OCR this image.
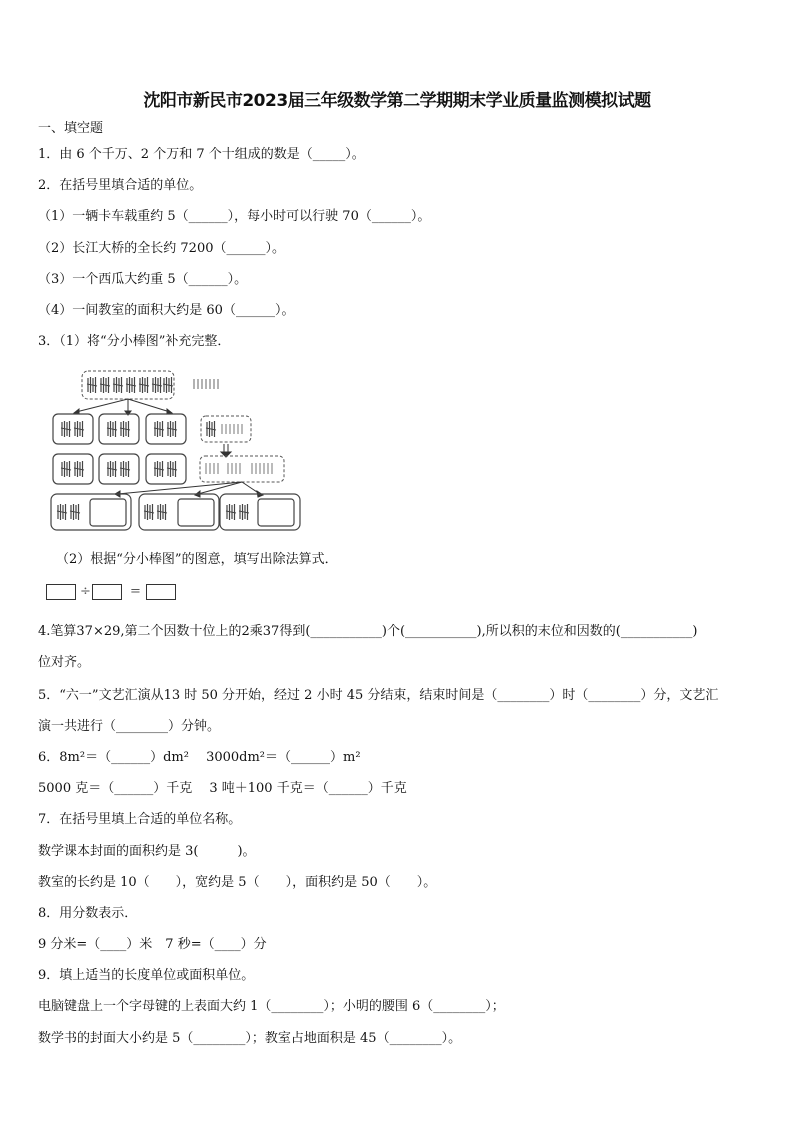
沈阳市新民市2023届三年级数学第二学期期末学业质量监测模拟试题
一、填空题
1．由 6 个千万、2 个万和 7 个十组成的数是（_____）。
2．在括号里填合适的单位。
（1）一辆卡车载重约 5（______），每小时可以行驶 70（______）。
（2）长江大桥的全长约 7200（______）。
（3）一个西瓜大约重 5（______）。
（4）一间教室的面积大约是 60（______）。
3．（1）将“分小棒图”补充完整．
（2）根据“分小棒图”的图意，填写出除法算式．
÷	=
4.笔算37×29,第二个因数十位上的2乘37得到(___________)个(___________),所以积的末位和因数的(___________)
位对齐。
5．“六一”文艺汇演从13 时 50 分开始，经过 2 小时 45 分结束，结束时间是（________）时（________）分，文艺汇
演一共进行（________）分钟。
6．8m²＝（______）dm²　 3000dm²＝（______）m²
5000 克＝（______）千克　 3 吨＋100 千克＝（______）千克
7．在括号里填上合适的单位名称。
数学课本封面的面积约是 3(　　　)。
教室的长约是 10（　　），宽约是 5（　　），面积约是 50（　　）。
8．用分数表示．
9 分米=（____）米　7 秒=（____）分
9．填上适当的长度单位或面积单位。
电脑键盘上一个字母键的上表面大约 1（________）；小明的腰围 6（________）；
数学书的封面大小约是 5（________）；教室占地面积是 45（________）。
